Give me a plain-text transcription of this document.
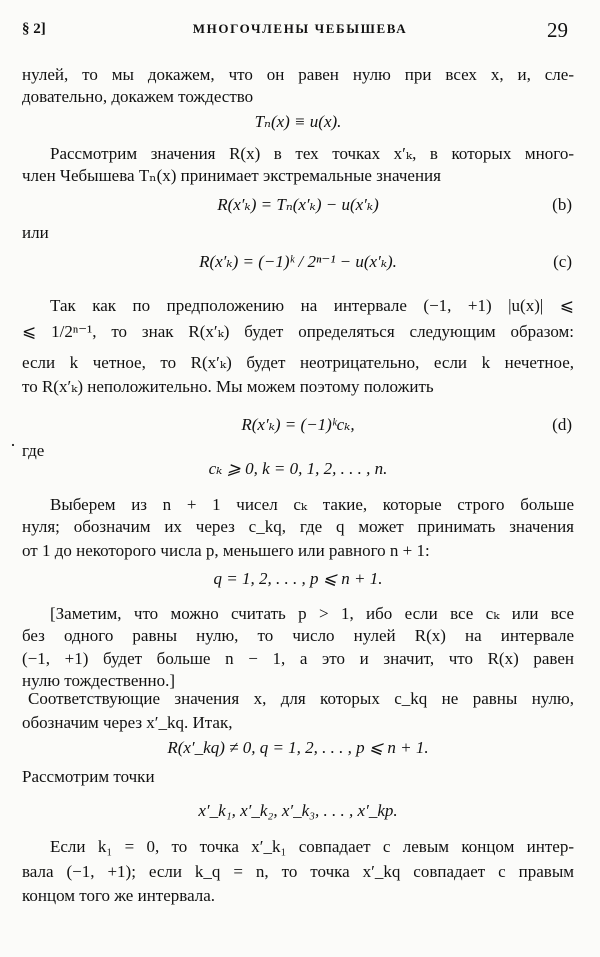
§ 2]	МНОГОЧЛЕНЫ ЧЕБЫШЕВА	29
нулей, то мы докажем, что он равен нулю при всех x, и, сле-
довательно, докажем тождество
Tₙ(x) ≡ u(x).
Рассмотрим значения R(x) в тех точках x′ₖ, в которых много-
член Чебышева Tₙ(x) принимает экстремальные значения
R(x′ₖ) = Tₙ(x′ₖ) − u(x′ₖ)	(b)
или
R(x′ₖ) = (−1)ᵏ / 2ⁿ⁻¹ − u(x′ₖ).	(c)
Так как по предположению на интервале (−1, +1) |u(x)| ⩽
⩽ 1/2ⁿ⁻¹, то знак R(x′ₖ) будет определяться следующим образом:
если k четное, то R(x′ₖ) будет неотрицательно, если k нечетное,
то R(x′ₖ) неположительно. Мы можем поэтому положить
R(x′ₖ) = (−1)ᵏcₖ,	(d)
· где
cₖ ⩾ 0, k = 0, 1, 2, . . . , n.
Выберем из n + 1 чисел cₖ такие, которые строго больше
нуля; обозначим их через c_kq, где q может принимать значения
от 1 до некоторого числа p, меньшего или равного n + 1:
q = 1, 2, . . . , p ⩽ n + 1.
[Заметим, что можно считать p > 1, ибо если все cₖ или все
без одного равны нулю, то число нулей R(x) на интервале
(−1, +1) будет больше n − 1, а это и значит, что R(x) равен
нулю тождественно.]
Соответствующие значения x, для которых c_kq не равны нулю,
обозначим через x′_kq. Итак,
R(x′_kq) ≠ 0, q = 1, 2, . . . , p ⩽ n + 1.
Рассмотрим точки
x′_k₁, x′_k₂, x′_k₃, . . . , x′_kp.
Если k₁ = 0, то точка x′_k₁ совпадает с левым концом интер-
вала (−1, +1); если k_q = n, то точка x′_kq совпадает с правым
концом того же интервала.
